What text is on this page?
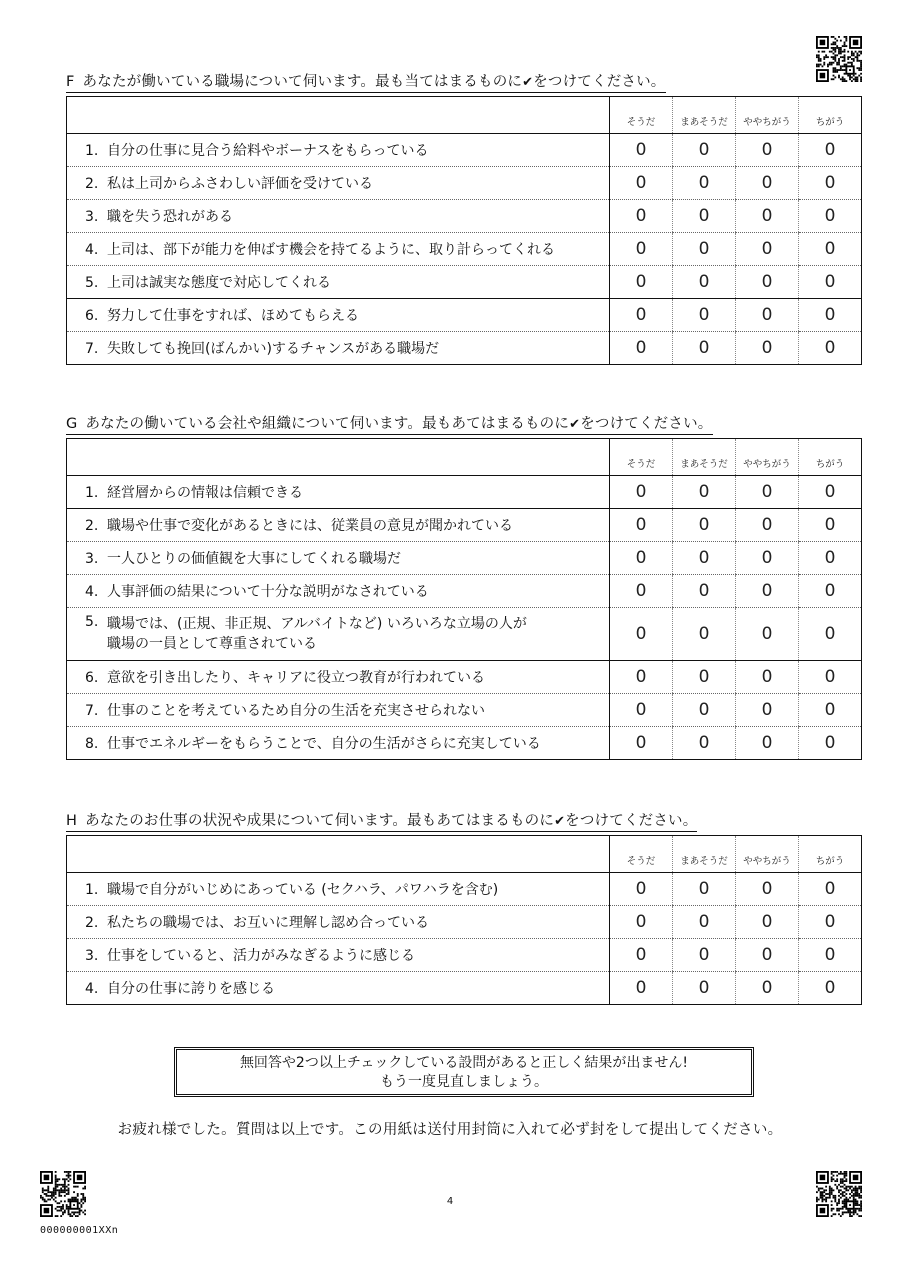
F あなたが働いている職場について伺います。最も当てはまるものに✔をつけてください。
	そうだ	まあそうだ	ややちがう	ちがう
1. 自分の仕事に見合う給料やボーナスをもらっている	0	0	0	0
2. 私は上司からふさわしい評価を受けている	0	0	0	0
3. 職を失う恐れがある	0	0	0	0
4. 上司は、部下が能力を伸ばす機会を持てるように、取り計らってくれる	0	0	0	0
5. 上司は誠実な態度で対応してくれる	0	0	0	0
6. 努力して仕事をすれば、ほめてもらえる	0	0	0	0
7. 失敗しても挽回(ばんかい)するチャンスがある職場だ	0	0	0	0
G あなたの働いている会社や組織について伺います。最もあてはまるものに✔をつけてください。
	そうだ	まあそうだ	ややちがう	ちがう
1. 経営層からの情報は信頼できる	0	0	0	0
2. 職場や仕事で変化があるときには、従業員の意見が聞かれている	0	0	0	0
3. 一人ひとりの価値観を大事にしてくれる職場だ	0	0	0	0
4. 人事評価の結果について十分な説明がなされている	0	0	0	0
5. 職場では、(正規、非正規、アルバイトなど) いろいろな立場の人が
職場の一員として尊重されている	0	0	0	0
6. 意欲を引き出したり、キャリアに役立つ教育が行われている	0	0	0	0
7. 仕事のことを考えているため自分の生活を充実させられない	0	0	0	0
8. 仕事でエネルギーをもらうことで、自分の生活がさらに充実している	0	0	0	0
H あなたのお仕事の状況や成果について伺います。最もあてはまるものに✔をつけてください。
	そうだ	まあそうだ	ややちがう	ちがう
1. 職場で自分がいじめにあっている (セクハラ、パワハラを含む)	0	0	0	0
2. 私たちの職場では、お互いに理解し認め合っている	0	0	0	0
3. 仕事をしていると、活力がみなぎるように感じる	0	0	0	0
4. 自分の仕事に誇りを感じる	0	0	0	0
無回答や2つ以上チェックしている設問があると正しく結果が出ません!
もう一度見直しましょう。
お疲れ様でした。質問は以上です。この用紙は送付用封筒に入れて必ず封をして提出してください。
4
000000001XXn
